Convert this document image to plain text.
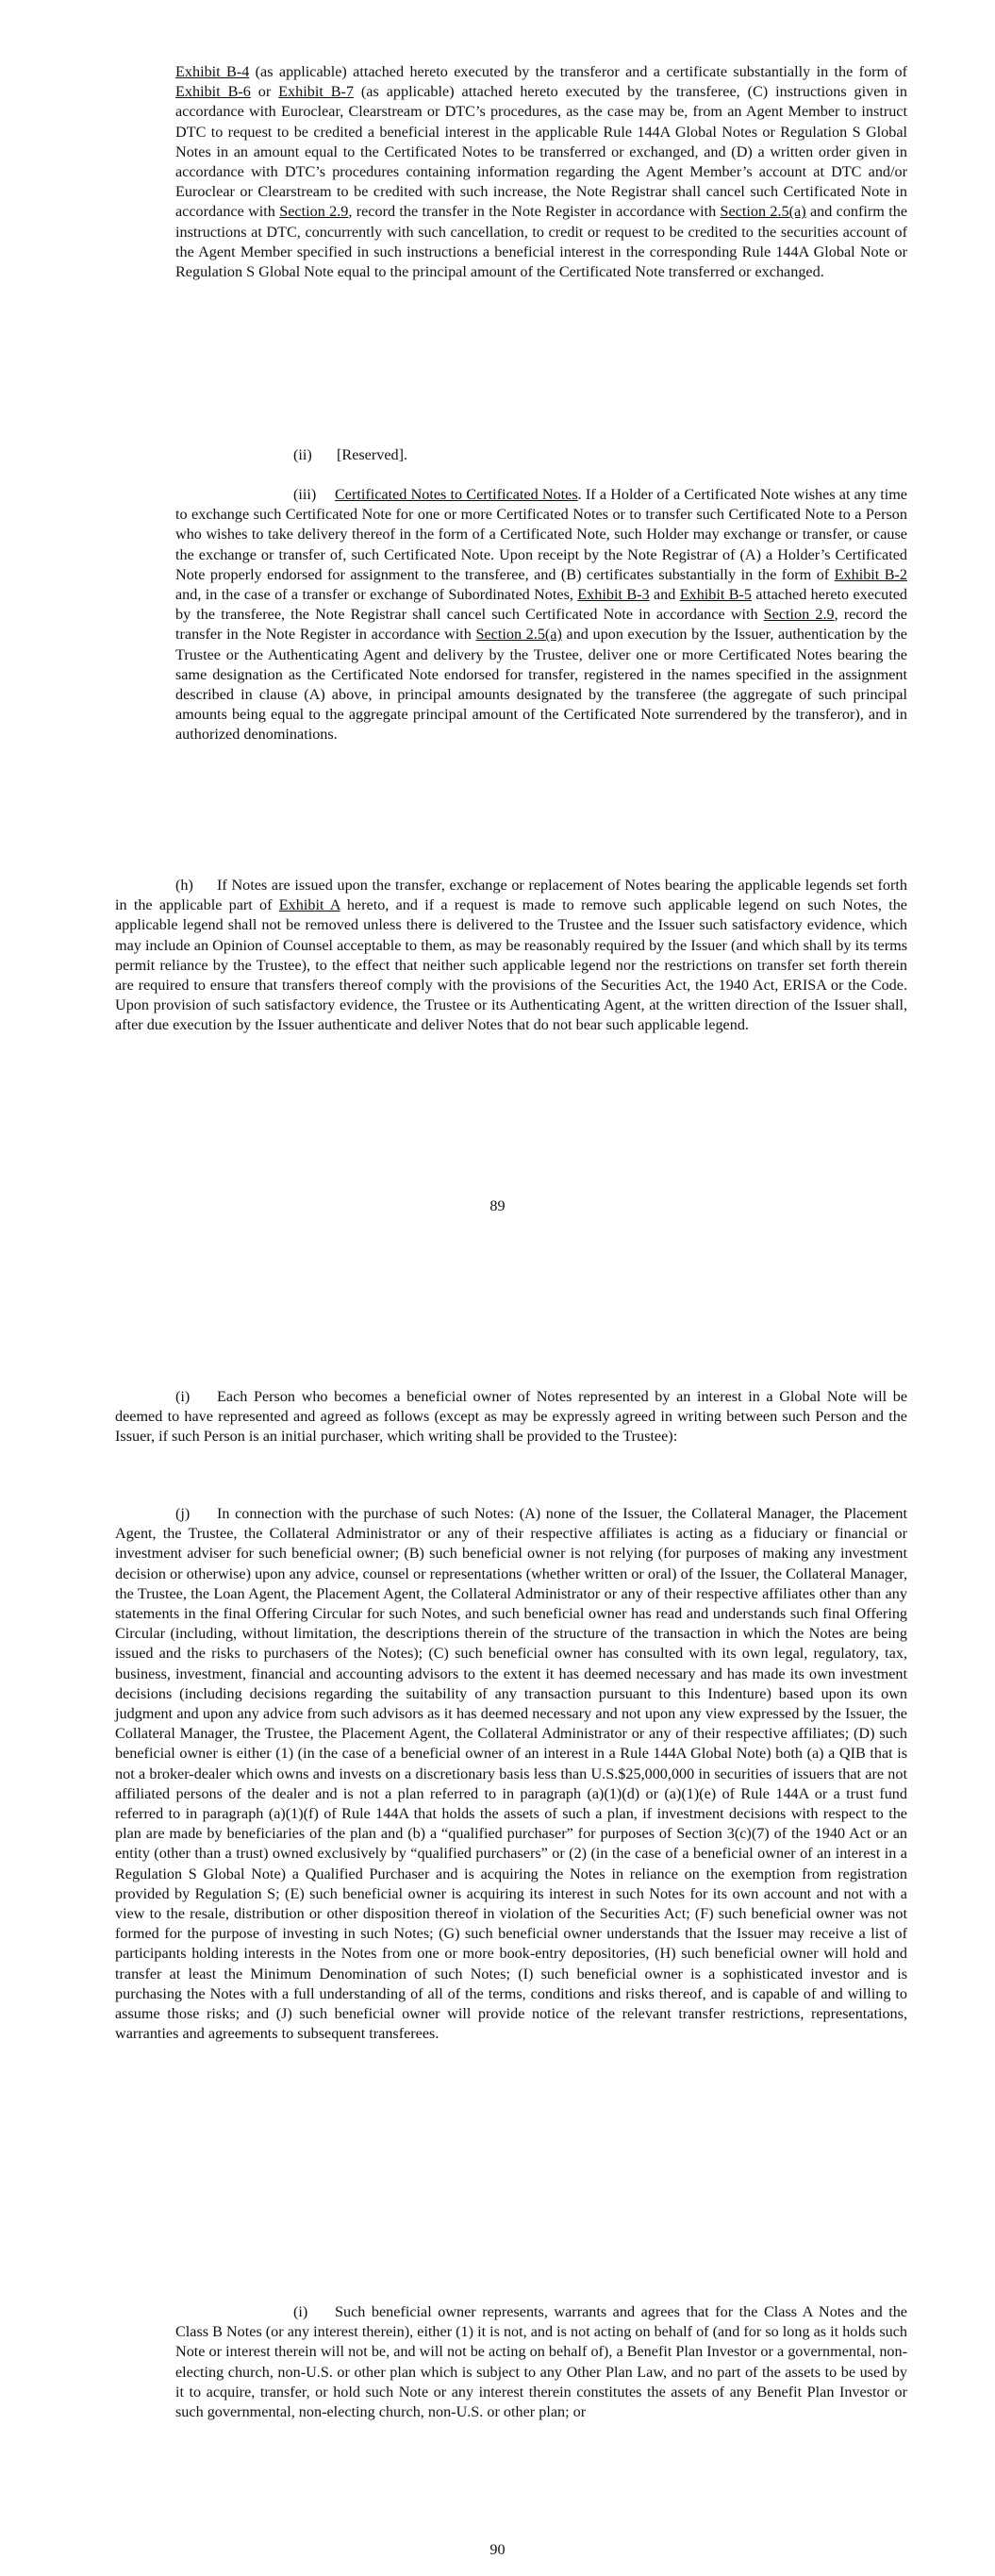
Exhibit B-4 (as applicable) attached hereto executed by the transferor and a certificate substantially in the form of Exhibit B-6 or Exhibit B-7 (as applicable) attached hereto executed by the transferee, (C) instructions given in accordance with Euroclear, Clearstream or DTC’s procedures, as the case may be, from an Agent Member to instruct DTC to request to be credited a beneficial interest in the applicable Rule 144A Global Notes or Regulation S Global Notes in an amount equal to the Certificated Notes to be transferred or exchanged, and (D) a written order given in accordance with DTC’s procedures containing information regarding the Agent Member’s account at DTC and/or Euroclear or Clearstream to be credited with such increase, the Note Registrar shall cancel such Certificated Note in accordance with Section 2.9, record the transfer in the Note Register in accordance with Section 2.5(a) and confirm the instructions at DTC, concurrently with such cancellation, to credit or request to be credited to the securities account of the Agent Member specified in such instructions a beneficial interest in the corresponding Rule 144A Global Note or Regulation S Global Note equal to the principal amount of the Certificated Note transferred or exchanged.

(ii) [Reserved].

(iii) Certificated Notes to Certificated Notes. If a Holder of a Certificated Note wishes at any time to exchange such Certificated Note for one or more Certificated Notes or to transfer such Certificated Note to a Person who wishes to take delivery thereof in the form of a Certificated Note, such Holder may exchange or transfer, or cause the exchange or transfer of, such Certificated Note. Upon receipt by the Note Registrar of (A) a Holder’s Certificated Note properly endorsed for assignment to the transferee, and (B) certificates substantially in the form of Exhibit B-2 and, in the case of a transfer or exchange of Subordinated Notes, Exhibit B-3 and Exhibit B-5 attached hereto executed by the transferee, the Note Registrar shall cancel such Certificated Note in accordance with Section 2.9, record the transfer in the Note Register in accordance with Section 2.5(a) and upon execution by the Issuer, authentication by the Trustee or the Authenticating Agent and delivery by the Trustee, deliver one or more Certificated Notes bearing the same designation as the Certificated Note endorsed for transfer, registered in the names specified in the assignment described in clause (A) above, in principal amounts designated by the transferee (the aggregate of such principal amounts being equal to the aggregate principal amount of the Certificated Note surrendered by the transferor), and in authorized denominations.

(h) If Notes are issued upon the transfer, exchange or replacement of Notes bearing the applicable legends set forth in the applicable part of Exhibit A hereto, and if a request is made to remove such applicable legend on such Notes, the applicable legend shall not be removed unless there is delivered to the Trustee and the Issuer such satisfactory evidence, which may include an Opinion of Counsel acceptable to them, as may be reasonably required by the Issuer (and which shall by its terms permit reliance by the Trustee), to the effect that neither such applicable legend nor the restrictions on transfer set forth therein are required to ensure that transfers thereof comply with the provisions of the Securities Act, the 1940 Act, ERISA or the Code. Upon provision of such satisfactory evidence, the Trustee or its Authenticating Agent, at the written direction of the Issuer shall, after due execution by the Issuer authenticate and deliver Notes that do not bear such applicable legend.

89

(i) Each Person who becomes a beneficial owner of Notes represented by an interest in a Global Note will be deemed to have represented and agreed as follows (except as may be expressly agreed in writing between such Person and the Issuer, if such Person is an initial purchaser, which writing shall be provided to the Trustee):

(j) In connection with the purchase of such Notes: (A) none of the Issuer, the Collateral Manager, the Placement Agent, the Trustee, the Collateral Administrator or any of their respective affiliates is acting as a fiduciary or financial or investment adviser for such beneficial owner; (B) such beneficial owner is not relying (for purposes of making any investment decision or otherwise) upon any advice, counsel or representations (whether written or oral) of the Issuer, the Collateral Manager, the Trustee, the Loan Agent, the Placement Agent, the Collateral Administrator or any of their respective affiliates other than any statements in the final Offering Circular for such Notes, and such beneficial owner has read and understands such final Offering Circular (including, without limitation, the descriptions therein of the structure of the transaction in which the Notes are being issued and the risks to purchasers of the Notes); (C) such beneficial owner has consulted with its own legal, regulatory, tax, business, investment, financial and accounting advisors to the extent it has deemed necessary and has made its own investment decisions (including decisions regarding the suitability of any transaction pursuant to this Indenture) based upon its own judgment and upon any advice from such advisors as it has deemed necessary and not upon any view expressed by the Issuer, the Collateral Manager, the Trustee, the Placement Agent, the Collateral Administrator or any of their respective affiliates; (D) such beneficial owner is either (1) (in the case of a beneficial owner of an interest in a Rule 144A Global Note) both (a) a QIB that is not a broker-dealer which owns and invests on a discretionary basis less than U.S.$25,000,000 in securities of issuers that are not affiliated persons of the dealer and is not a plan referred to in paragraph (a)(1)(d) or (a)(1)(e) of Rule 144A or a trust fund referred to in paragraph (a)(1)(f) of Rule 144A that holds the assets of such a plan, if investment decisions with respect to the plan are made by beneficiaries of the plan and (b) a “qualified purchaser” for purposes of Section 3(c)(7) of the 1940 Act or an entity (other than a trust) owned exclusively by “qualified purchasers” or (2) (in the case of a beneficial owner of an interest in a Regulation S Global Note) a Qualified Purchaser and is acquiring the Notes in reliance on the exemption from registration provided by Regulation S; (E) such beneficial owner is acquiring its interest in such Notes for its own account and not with a view to the resale, distribution or other disposition thereof in violation of the Securities Act; (F) such beneficial owner was not formed for the purpose of investing in such Notes; (G) such beneficial owner understands that the Issuer may receive a list of participants holding interests in the Notes from one or more book-entry depositories, (H) such beneficial owner will hold and transfer at least the Minimum Denomination of such Notes; (I) such beneficial owner is a sophisticated investor and is purchasing the Notes with a full understanding of all of the terms, conditions and risks thereof, and is capable of and willing to assume those risks; and (J) such beneficial owner will provide notice of the relevant transfer restrictions, representations, warranties and agreements to subsequent transferees.

(i) Such beneficial owner represents, warrants and agrees that for the Class A Notes and the Class B Notes (or any interest therein), either (1) it is not, and is not acting on behalf of (and for so long as it holds such Note or interest therein will not be, and will not be acting on behalf of), a Benefit Plan Investor or a governmental, non-electing church, non-U.S. or other plan which is subject to any Other Plan Law, and no part of the assets to be used by it to acquire, transfer, or hold such Note or any interest therein constitutes the assets of any Benefit Plan Investor or such governmental, non-electing church, non-U.S. or other plan; or

90
